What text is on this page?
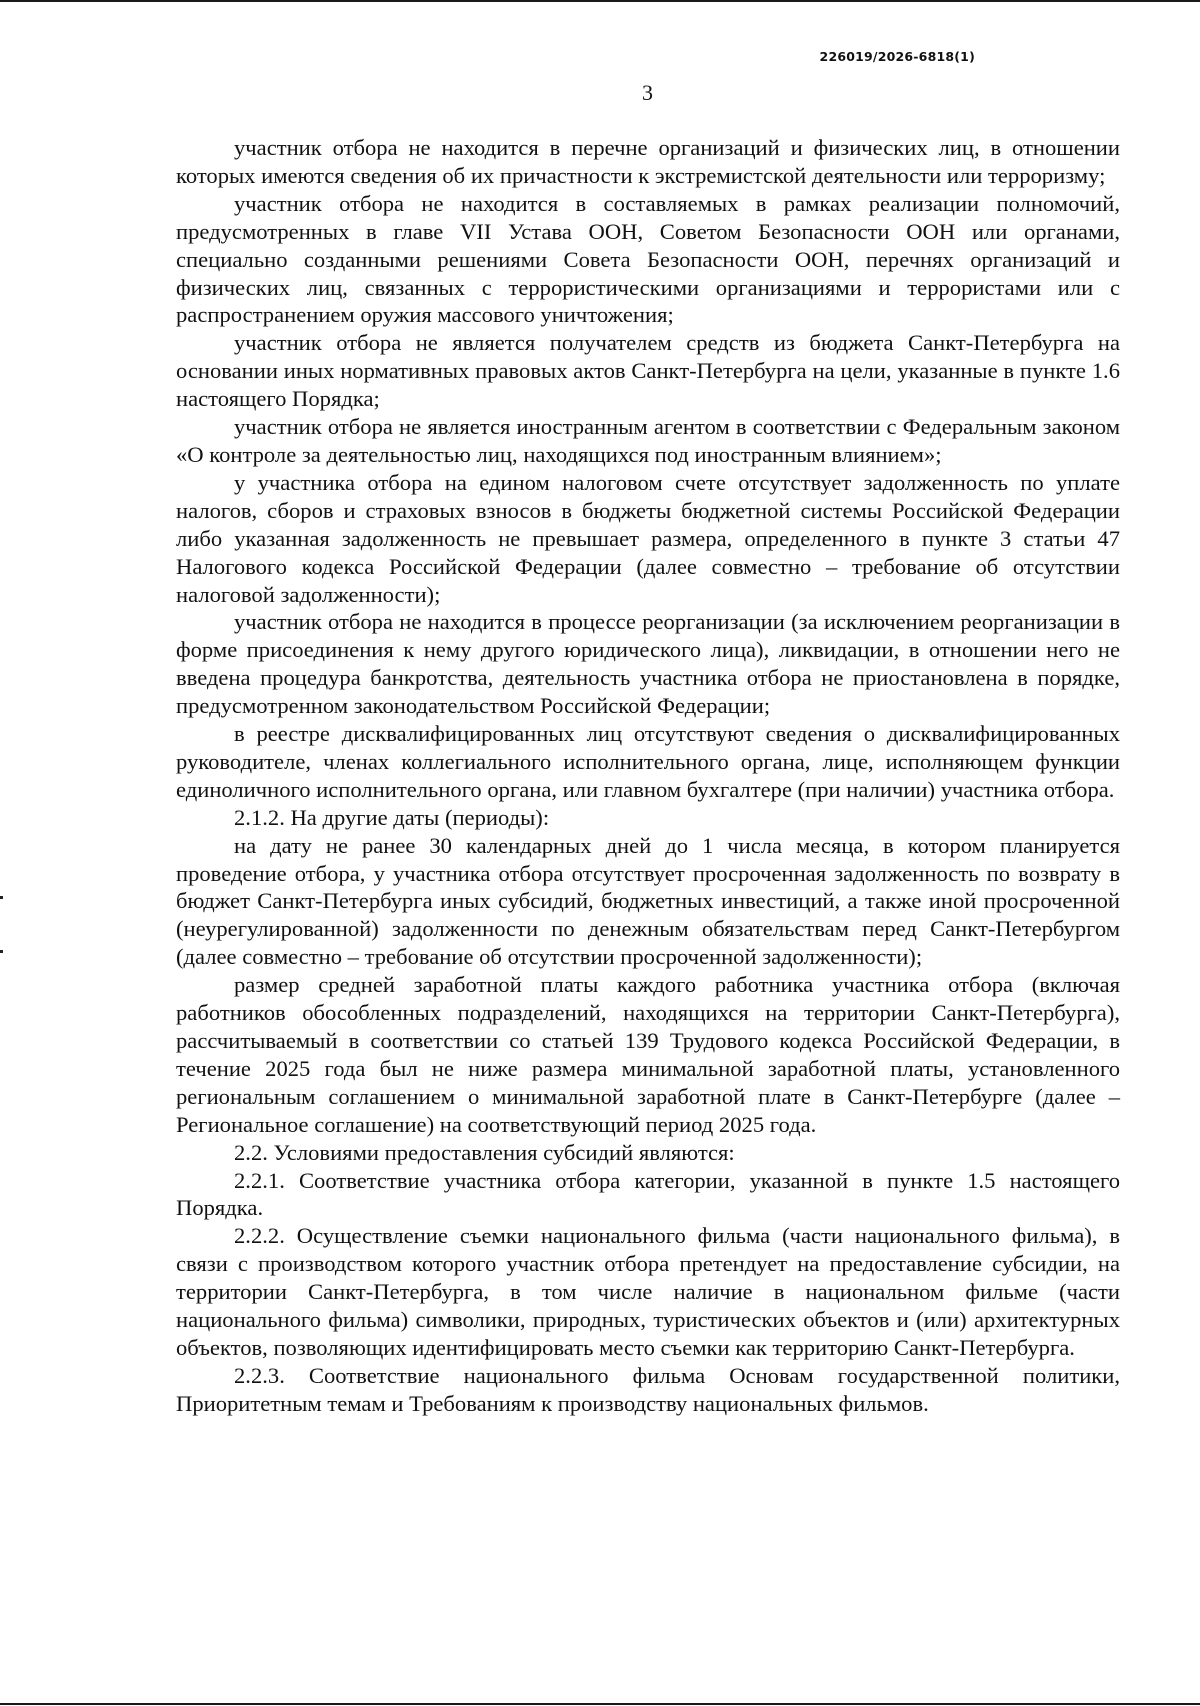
226019/2026-6818(1)
3

участник отбора не находится в перечне организаций и физических лиц, в отношении которых имеются сведения об их причастности к экстремистской деятельности или терроризму;

участник отбора не находится в составляемых в рамках реализации полномочий, предусмотренных в главе VII Устава ООН, Советом Безопасности ООН или органами, специально созданными решениями Совета Безопасности ООН, перечнях организаций и физических лиц, связанных с террористическими организациями и террористами или с распространением оружия массового уничтожения;

участник отбора не является получателем средств из бюджета Санкт-Петербурга на основании иных нормативных правовых актов Санкт-Петербурга на цели, указанные в пункте 1.6 настоящего Порядка;

участник отбора не является иностранным агентом в соответствии с Федеральным законом «О контроле за деятельностью лиц, находящихся под иностранным влиянием»;

у участника отбора на едином налоговом счете отсутствует задолженность по уплате налогов, сборов и страховых взносов в бюджеты бюджетной системы Российской Федерации либо указанная задолженность не превышает размера, определенного в пункте 3 статьи 47 Налогового кодекса Российской Федерации (далее совместно – требование об отсутствии налоговой задолженности);

участник отбора не находится в процессе реорганизации (за исключением реорганизации в форме присоединения к нему другого юридического лица), ликвидации, в отношении него не введена процедура банкротства, деятельность участника отбора не приостановлена в порядке, предусмотренном законодательством Российской Федерации;

в реестре дисквалифицированных лиц отсутствуют сведения о дисквалифицированных руководителе, членах коллегиального исполнительного органа, лице, исполняющем функции единоличного исполнительного органа, или главном бухгалтере (при наличии) участника отбора.

2.1.2. На другие даты (периоды):

на дату не ранее 30 календарных дней до 1 числа месяца, в котором планируется проведение отбора, у участника отбора отсутствует просроченная задолженность по возврату в бюджет Санкт-Петербурга иных субсидий, бюджетных инвестиций, а также иной просроченной (неурегулированной) задолженности по денежным обязательствам перед Санкт-Петербургом (далее совместно – требование об отсутствии просроченной задолженности);

размер средней заработной платы каждого работника участника отбора (включая работников обособленных подразделений, находящихся на территории Санкт-Петербурга), рассчитываемый в соответствии со статьей 139 Трудового кодекса Российской Федерации, в течение 2025 года был не ниже размера минимальной заработной платы, установленного региональным соглашением о минимальной заработной плате в Санкт-Петербурге (далее – Региональное соглашение) на соответствующий период 2025 года.

2.2. Условиями предоставления субсидий являются:

2.2.1. Соответствие участника отбора категории, указанной в пункте 1.5 настоящего Порядка.

2.2.2. Осуществление съемки национального фильма (части национального фильма), в связи с производством которого участник отбора претендует на предоставление субсидии, на территории Санкт-Петербурга, в том числе наличие в национальном фильме (части национального фильма) символики, природных, туристических объектов и (или) архитектурных объектов, позволяющих идентифицировать место съемки как территорию Санкт-Петербурга.

2.2.3. Соответствие национального фильма Основам государственной политики, Приоритетным темам и Требованиям к производству национальных фильмов.
